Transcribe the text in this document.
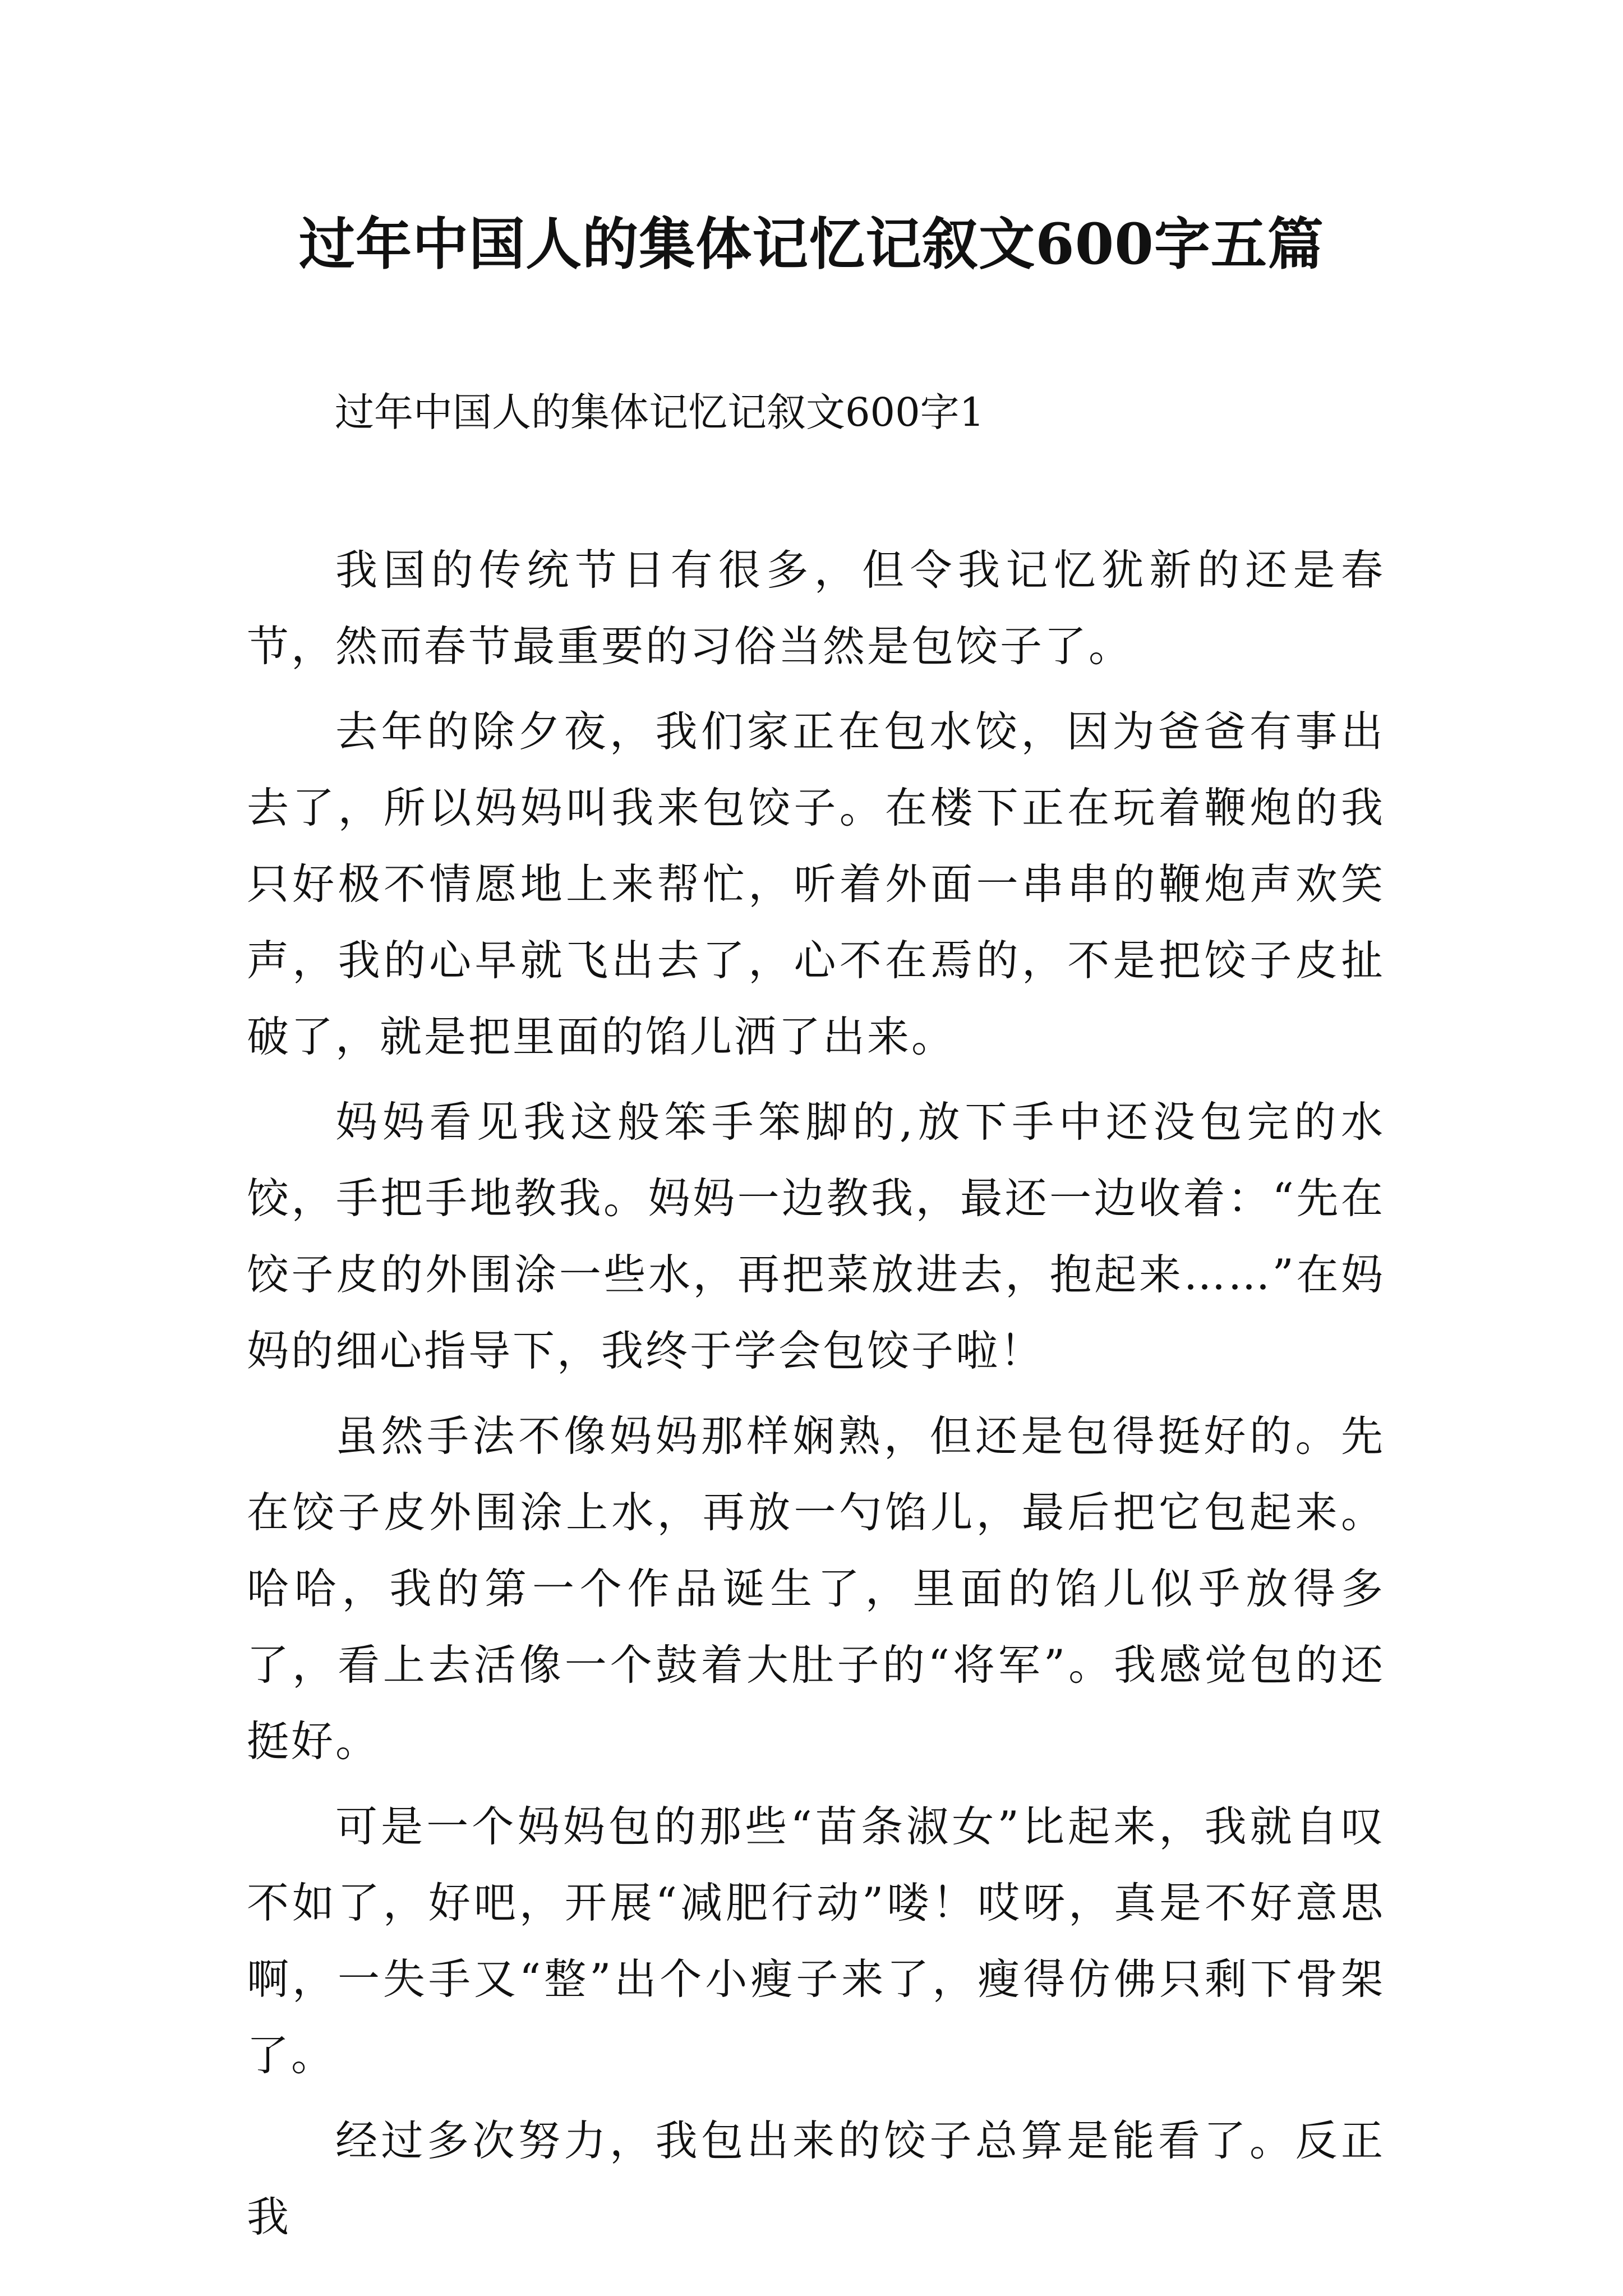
过年中国人的集体记忆记叙文600字五篇
过年中国人的集体记忆记叙文600字1

我国的传统节日有很多，但令我记忆犹新的还是春节，然而春节最重要的习俗当然是包饺子了。

去年的除夕夜，我们家正在包水饺，因为爸爸有事出去了，所以妈妈叫我来包饺子。在楼下正在玩着鞭炮的我只好极不情愿地上来帮忙，听着外面一串串的鞭炮声欢笑声，我的心早就飞出去了，心不在焉的，不是把饺子皮扯破了，就是把里面的馅儿洒了出来。

妈妈看见我这般笨手笨脚的,放下手中还没包完的水饺，手把手地教我。妈妈一边教我，最还一边收着：“先在饺子皮的外围涂一些水，再把菜放进去，抱起来……”在妈妈的细心指导下，我终于学会包饺子啦！

虽然手法不像妈妈那样娴熟，但还是包得挺好的。先在饺子皮外围涂上水，再放一勺馅儿，最后把它包起来。哈哈，我的第一个作品诞生了，里面的馅儿似乎放得多了，看上去活像一个鼓着大肚子的“将军”。我感觉包的还挺好。

可是一个妈妈包的那些“苗条淑女”比起来，我就自叹不如了，好吧，开展“减肥行动”喽！哎呀，真是不好意思啊，一失手又“整”出个小瘦子来了，瘦得仿佛只剩下骨架了。

经过多次努力，我包出来的饺子总算是能看了。反正我
